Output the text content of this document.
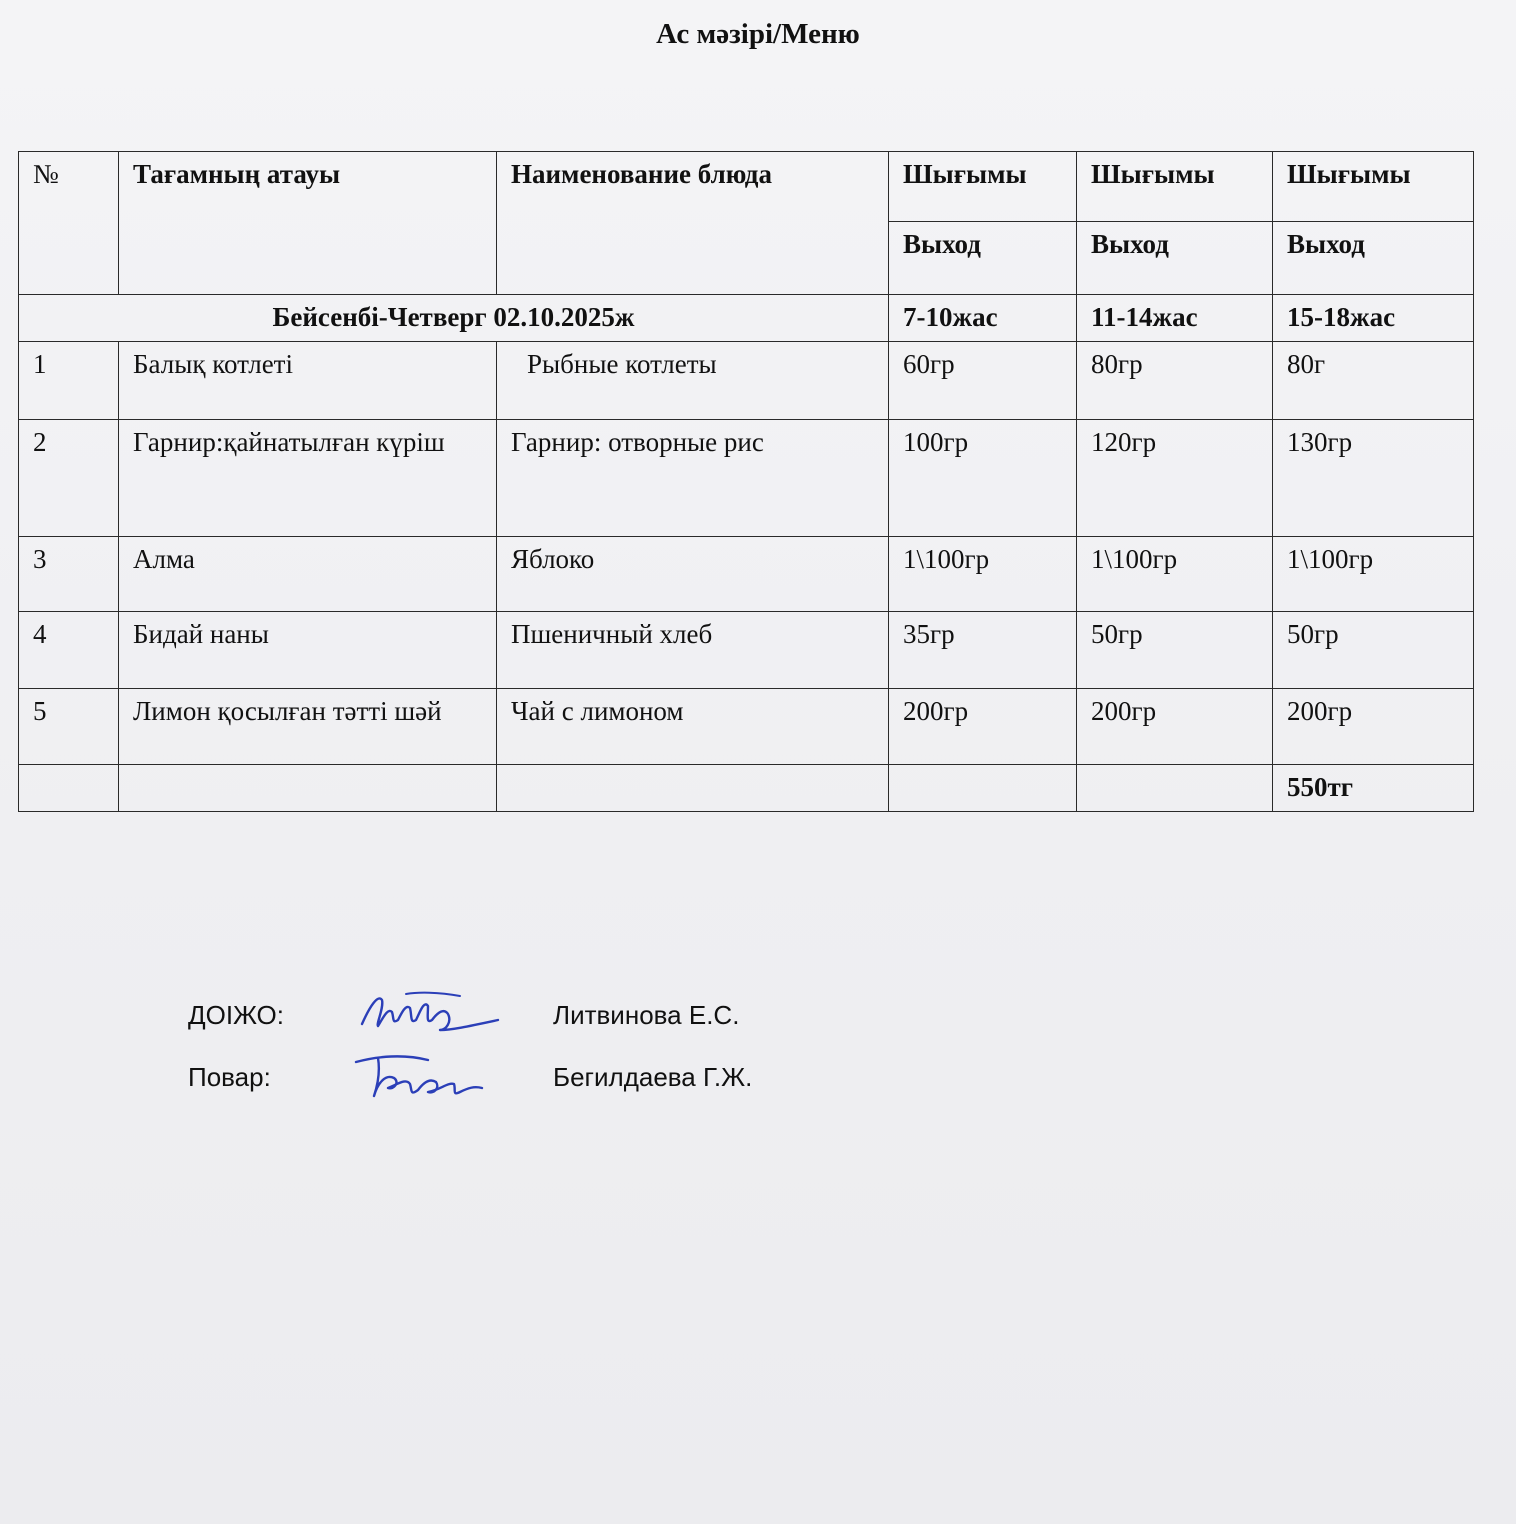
Ас мәзірі/Меню
№	Тағамның атауы	Наименование блюда	Шығымы	Шығымы	Шығымы
			Выход	Выход	Выход
Бейсенбі-Четверг 02.10.2025ж			7-10жас	11-14жас	15-18жас
1	Балық котлеті	Рыбные котлеты	60гр	80гр	80г
2	Гарнир:қайнатылған күріш	Гарнир: отворные рис	100гр	120гр	130гр
3	Алма	Яблоко	1\100гр	1\100гр	1\100гр
4	Бидай наны	Пшеничный хлеб	35гр	50гр	50гр
5	Лимон қосылған тәтті шәй	Чай с лимоном	200гр	200гр	200гр
					550тг
ДОІЖО:	Литвинова Е.С.
Повар:	Бегилдаева Г.Ж.
